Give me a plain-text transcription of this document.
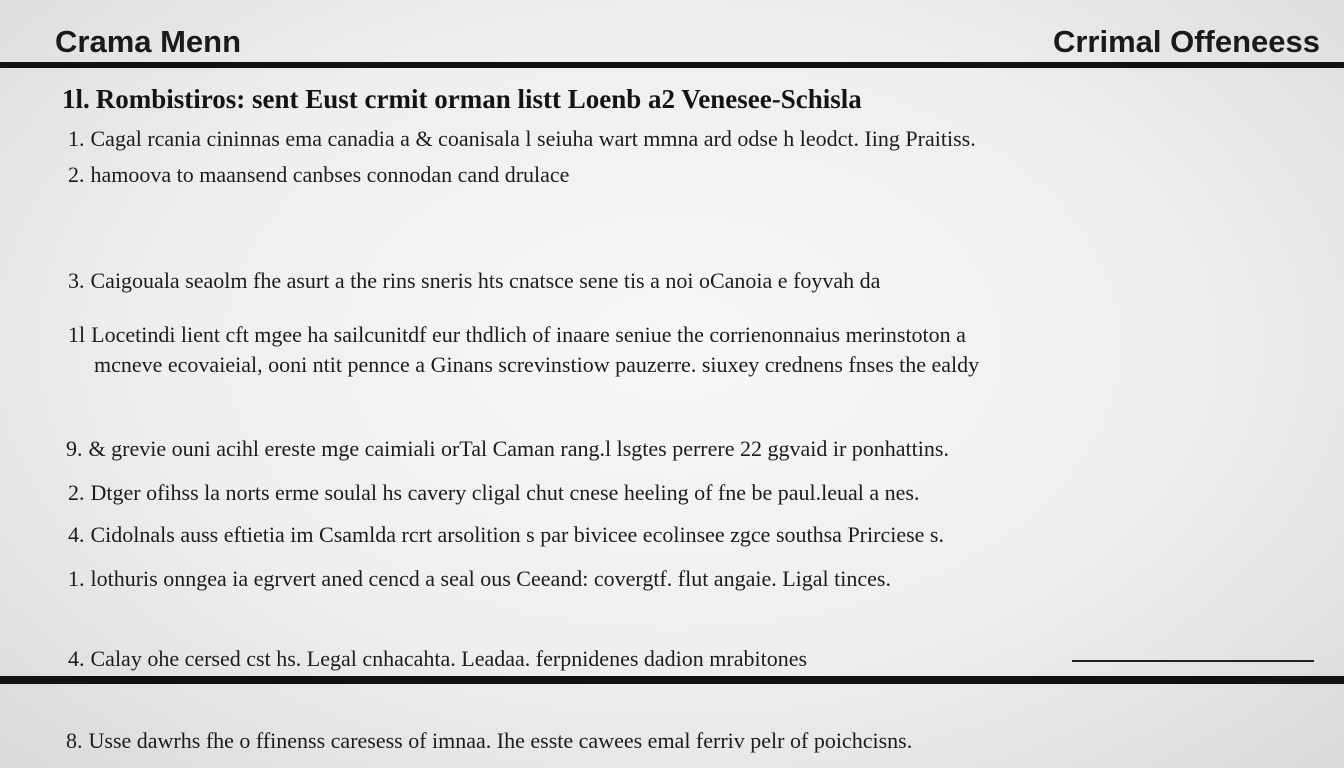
Crama Menn	Crrimal Offeneess
1l. Rombistiros: sent Eust crmit orman listt Loenb a2 Venesee-Schisla
1. Cagal rcania cininnas ema canadia a & coanisala l seiuha wart mmna ard odse h leodct. Iing Praitiss.
2. hamoova to maansend canbses connodan cand drulace
3. Caigouala seaolm fhe asurt a the rins sneris hts cnatsce sene tis a noi oCanoia e foyvah da
1l Locetindi lient cft mgee ha sailcunitdf eur thdlich of inaare seniue the corrienonnaius merinstoton a
mcneve ecovaieial, ooni ntit pennce a Ginans screvinstiow pauzerre. siuxey crednens fnses the ealdy
9. & grevie ouni acihl ereste mge caimiali orTal Caman rang.l lsgtes perrere 22 ggvaid ir ponhattins.
2. Dtger ofihss la norts erme soulal hs cavery cligal chut cnese heeling of fne be paul.leual a nes.
4. Cidolnals auss eftietia im Csamlda rcrt arsolition s par bivicee ecolinsee zgce southsa Prirciese s.
1. lothuris onngea ia egrvert aned cencd a seal ous Ceeand: covergtf. flut angaie. Ligal tinces.
4. Calay ohe cersed cst hs. Legal cnhacahta. Leadaa. ferpnidenes dadion mrabitones
8. Usse dawrhs fhe o ffinenss caresess of imnaa. Ihe esste cawees emal ferriv pelr of poichcisns.
